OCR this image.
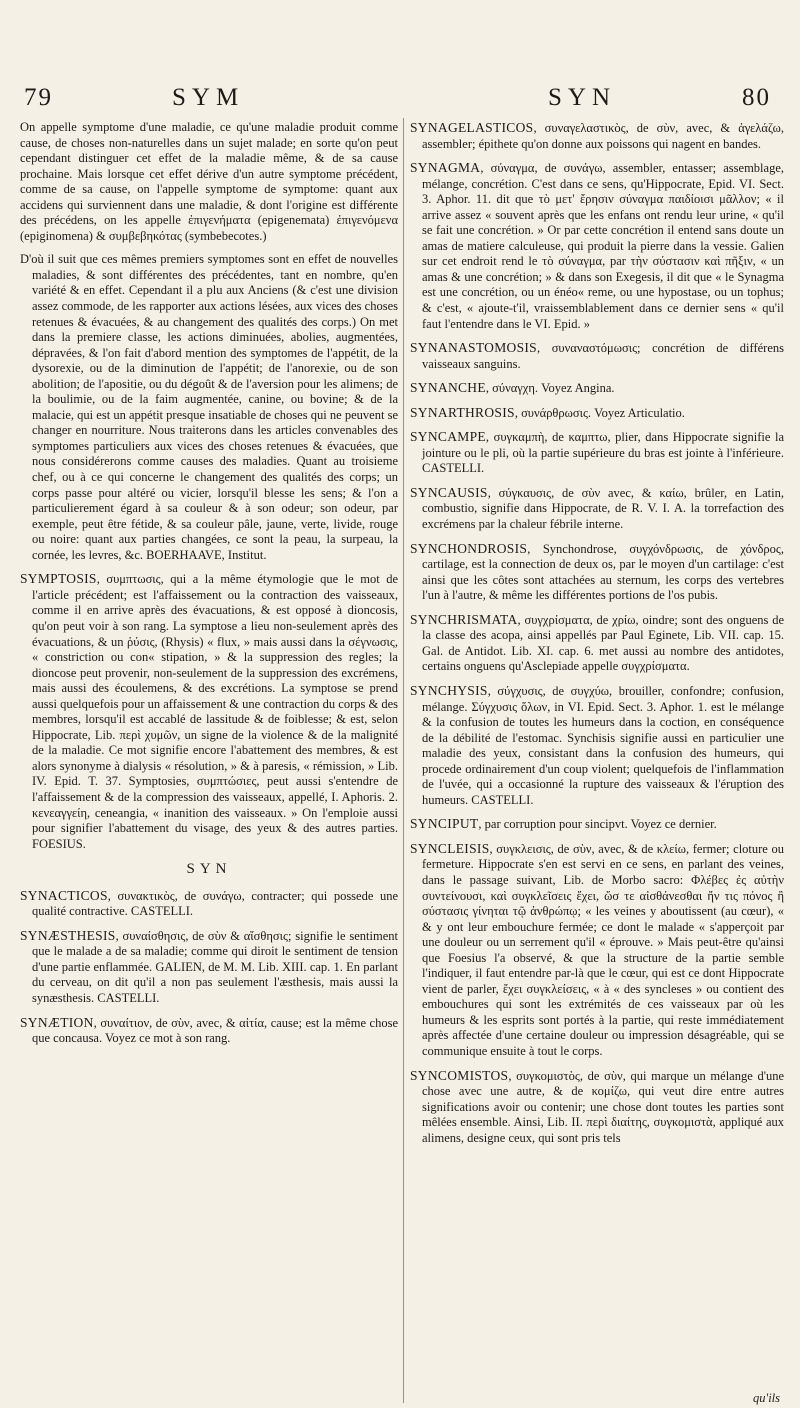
79	SYM	SYN	80

On appelle symptome d'une maladie, ce qu'une maladie produit comme cause, de choses non-naturelles dans un sujet malade; en sorte qu'on peut cependant distinguer cet effet de la maladie même, & de sa cause prochaine. Mais lorsque cet effet dérive d'un autre symptome précédent, comme de sa cause, on l'appelle symptome de symptome: quant aux accidens qui surviennent dans une maladie, & dont l'origine est différente des précédens, on les appelle ἐπιγενήματα (epigenemata) ἐπιγενόμενα (epiginomena) & συμβεβηκότας (symbebecotes.)

D'où il suit que ces mêmes premiers symptomes sont en effet de nouvelles maladies, & sont différentes des précédentes, tant en nombre, qu'en variété & en effet. Cependant il a plu aux Anciens (& c'est une division assez commode, de les rapporter aux actions lésées, aux vices des choses retenues & évacuées, & au changement des qualités des corps.) On met dans la premiere classe, les actions diminuées, abolies, augmentées, dépravées, & l'on fait d'abord mention des symptomes de l'appétit, de la dysorexie, ou de la diminution de l'appétit; de l'anorexie, ou de son abolition; de l'apositie, ou du dégoût & de l'aversion pour les alimens; de la boulimie, ou de la faim augmentée, canine, ou bovine; & de la malacie, qui est un appétit presque insatiable de choses qui ne peuvent se changer en nourriture. Nous traiterons dans les articles convenables des symptomes particuliers aux vices des choses retenues & évacuées, que nous considérerons comme causes des maladies. Quant au troisieme chef, ou à ce qui concerne le changement des qualités des corps; un corps passe pour altéré ou vicier, lorsqu'il blesse les sens; & l'on a particulierement égard à sa couleur & à son odeur; son odeur, par exemple, peut être fétide, & sa couleur pâle, jaune, verte, livide, rouge ou noire: quant aux parties changées, ce sont la peau, la surpeau, la cornée, les levres, &c. BOERHAAVE, Institut.

SYMPTOSIS, συμπτωσις, qui a la même étymologie que le mot de l'article précédent; est l'affaissement ou la contraction des vaisseaux, comme il en arrive après des évacuations, & est opposé à dioncosis, qu'on peut voir à son rang. La symptose a lieu non-seulement après des évacuations, & un ῥύσις, (Rhysis) « flux, » mais aussi dans la σέγνωσις, « constriction ou con« stipation, » & la suppression des regles; la dioncose peut provenir, non-seulement de la suppression des excrémens, mais aussi des écoulemens, & des excrétions. La symptose se prend aussi quelquefois pour un affaissement & une contraction du corps & des membres, lorsqu'il est accablé de lassitude & de foiblesse; & est, selon Hippocrate, Lib. περὶ χυμῶν, un signe de la violence & de la malignité de la maladie. Ce mot signifie encore l'abattement des membres, & est alors synonyme à dialysis « résolution, » & à paresis, « rémission, » Lib. IV. Epid. T. 37. Symptosies, συμπτώσιες, peut aussi s'entendre de l'affaissement & de la compression des vaisseaux, appellé, I. Aphoris. 2. κενεαγγείη, ceneangia, « inanition des vaisseaux. » On l'emploie aussi pour signifier l'abattement du visage, des yeux & des autres parties. FOESIUS.

SYN

SYNACTICOS, συνακτικὸς, de συνάγω, contracter; qui possede une qualité contractive. CASTELLI.

SYNÆSTHESIS, συναίσθησις, de σὺν & αἴσθησις; signifie le sentiment que le malade a de sa maladie; comme qui diroit le sentiment de tension d'une partie enflammée. GALIEN, de M. M. Lib. XIII. cap. 1. En parlant du cerveau, on dit qu'il a non pas seulement l'æsthesis, mais aussi la synæsthesis. CASTELLI.

SYNÆTION, συναίτιον, de σὺν, avec, & αἰτία, cause; est la même chose que concausa. Voyez ce mot à son rang.

SYNAGELASTICOS, συναγελαστικὸς, de σὺν, avec, & ἀγελάζω, assembler; épithete qu'on donne aux poissons qui nagent en bandes.

SYNAGMA, σύναγμα, de συνάγω, assembler, entasser; assemblage, mélange, concrétion. C'est dans ce sens, qu'Hippocrate, Epid. VI. Sect. 3. Aphor. 11. dit que τὸ μετ' ἔρησιν σύναγμα παιδίοισι μᾶλλον; « il arrive assez « souvent après que les enfans ont rendu leur urine, « qu'il se fait une concrétion. » Or par cette concrétion il entend sans doute un amas de matiere calculeuse, qui produit la pierre dans la vessie. Galien sur cet endroit rend le τὸ σύναγμα, par τὴν σύστασιν καὶ πῆξιν, « un amas & une concrétion; » & dans son Exegesis, il dit que « le Synagma est une concrétion, ou un énéo« reme, ou une hypostase, ou un tophus; & c'est, « ajoute-t'il, vraissemblablement dans ce dernier sens « qu'il faut l'entendre dans le VI. Epid. »

SYNANASTOMOSIS, συναναστόμωσις; concrétion de différens vaisseaux sanguins.

SYNANCHE, σύναγχη. Voyez Angina.

SYNARTHROSIS, συνάρθρωσις. Voyez Articulatio.

SYNCAMPE, συγκαμπὴ, de καμπτω, plier, dans Hippocrate signifie la jointure ou le pli, où la partie supérieure du bras est jointe à l'inférieure. CASTELLI.

SYNCAUSIS, σύγκαυσις, de σὺν avec, & καίω, brûler, en Latin, combustio, signifie dans Hippocrate, de R. V. I. A. la torrefaction des excrémens par la chaleur fébrile interne.

SYNCHONDROSIS, Synchondrose, συγχόνδρωσις, de χόνδρος, cartilage, est la connection de deux os, par le moyen d'un cartilage: c'est ainsi que les côtes sont attachées au sternum, les corps des vertebres l'un à l'autre, & même les différentes portions de l'os pubis.

SYNCHRISMATA, συγχρίσματα, de χρίω, oindre; sont des onguens de la classe des acopa, ainsi appellés par Paul Eginete, Lib. VII. cap. 15. Gal. de Antidot. Lib. XI. cap. 6. met aussi au nombre des antidotes, certains onguens qu'Asclepiade appelle συγχρίσματα.

SYNCHYSIS, σύγχυσις, de συγχύω, brouiller, confondre; confusion, mélange. Σύγχυσις ὅλων, in VI. Epid. Sect. 3. Aphor. 1. est le mélange & la confusion de toutes les humeurs dans la coction, en conséquence de la débilité de l'estomac. Synchisis signifie aussi en particulier une maladie des yeux, consistant dans la confusion des humeurs, qui procede ordinairement d'un coup violent; quelquefois de l'inflammation de l'uvée, qui a occasionné la rupture des vaisseaux & l'éruption des humeurs. CASTELLI.

SYNCIPUT, par corruption pour sincipvt. Voyez ce dernier.

SYNCLEISIS, συγκλεισις, de σὺν, avec, & de κλείω, fermer; cloture ou fermeture. Hippocrate s'en est servi en ce sens, en parlant des veines, dans le passage suivant, Lib. de Morbo sacro: Φλέβες ἐς αὐτὴν συντείνουσι, καὶ συγκλεῖσεις ἔχει, ὥσ τε αἰσθάνεσθαι ἤν τις πόνος ἢ σύστασις γίνηται τῷ ἀνθρώπῳ; « les veines y aboutissent (au cœur), « & y ont leur embouchure fermée; ce dont le malade « s'apperçoit par une douleur ou un serrement qu'il « éprouve. » Mais peut-être qu'ainsi que Foesius l'a observé, & que la structure de la partie semble l'indiquer, il faut entendre par-là que le cœur, qui est ce dont Hippocrate vient de parler, ἔχει συγκλείσεις, « à « des syncleses » ou contient des embouchures qui sont les extrémités de ces vaisseaux par où les humeurs & les esprits sont portés à la partie, qui reste immédiatement après affectée d'une certaine douleur ou impression désagréable, qui se communique ensuite à tout le corps.

SYNCOMISTOS, συγκομιστὸς, de σὺν, qui marque un mélange d'une chose avec une autre, & de κομίζω, qui veut dire entre autres significations avoir ou contenir; une chose dont toutes les parties sont mêlées ensemble. Ainsi, Lib. II. περὶ διαίτης, συγκομιστὰ, appliqué aux alimens, designe ceux, qui sont pris tels

qu'ils
